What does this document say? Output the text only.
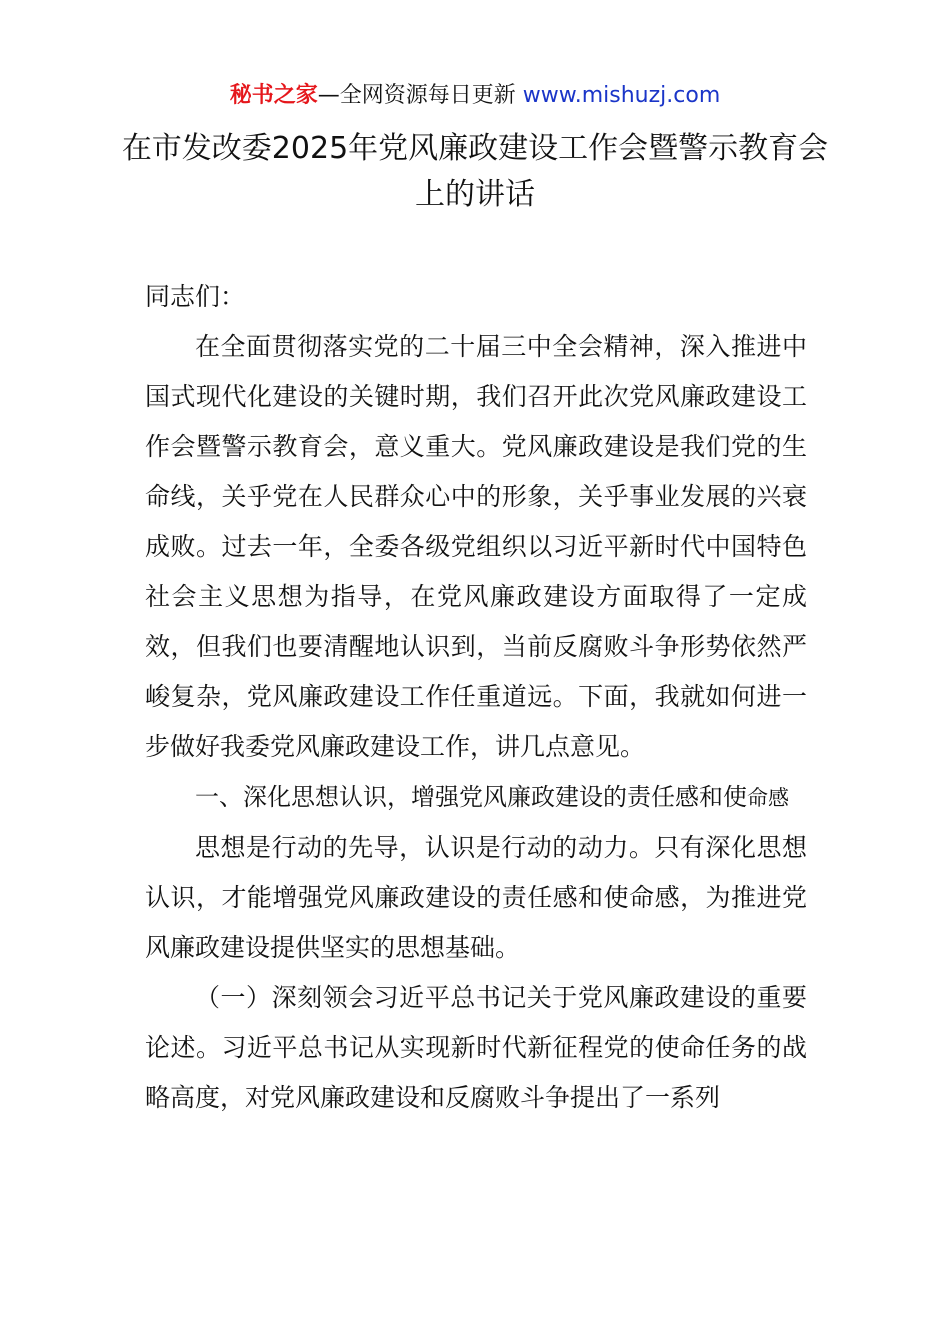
秘书之家—全网资源每日更新 www.mishuzj.com
在市发改委2025年党风廉政建设工作会暨警示教育会上的讲话

同志们：

在全面贯彻落实党的二十届三中全会精神，深入推进中国式现代化建设的关键时期，我们召开此次党风廉政建设工作会暨警示教育会，意义重大。党风廉政建设是我们党的生命线，关乎党在人民群众心中的形象，关乎事业发展的兴衰成败。过去一年，全委各级党组织以习近平新时代中国特色社会主义思想为指导，在党风廉政建设方面取得了一定成效，但我们也要清醒地认识到，当前反腐败斗争形势依然严峻复杂，党风廉政建设工作任重道远。下面，我就如何进一步做好我委党风廉政建设工作，讲几点意见。

一、深化思想认识，增强党风廉政建设的责任感和使命感

思想是行动的先导，认识是行动的动力。只有深化思想认识，才能增强党风廉政建设的责任感和使命感，为推进党风廉政建设提供坚实的思想基础。

（一）深刻领会习近平总书记关于党风廉政建设的重要论述。习近平总书记从实现新时代新征程党的使命任务的战略高度，对党风廉政建设和反腐败斗争提出了一系列
